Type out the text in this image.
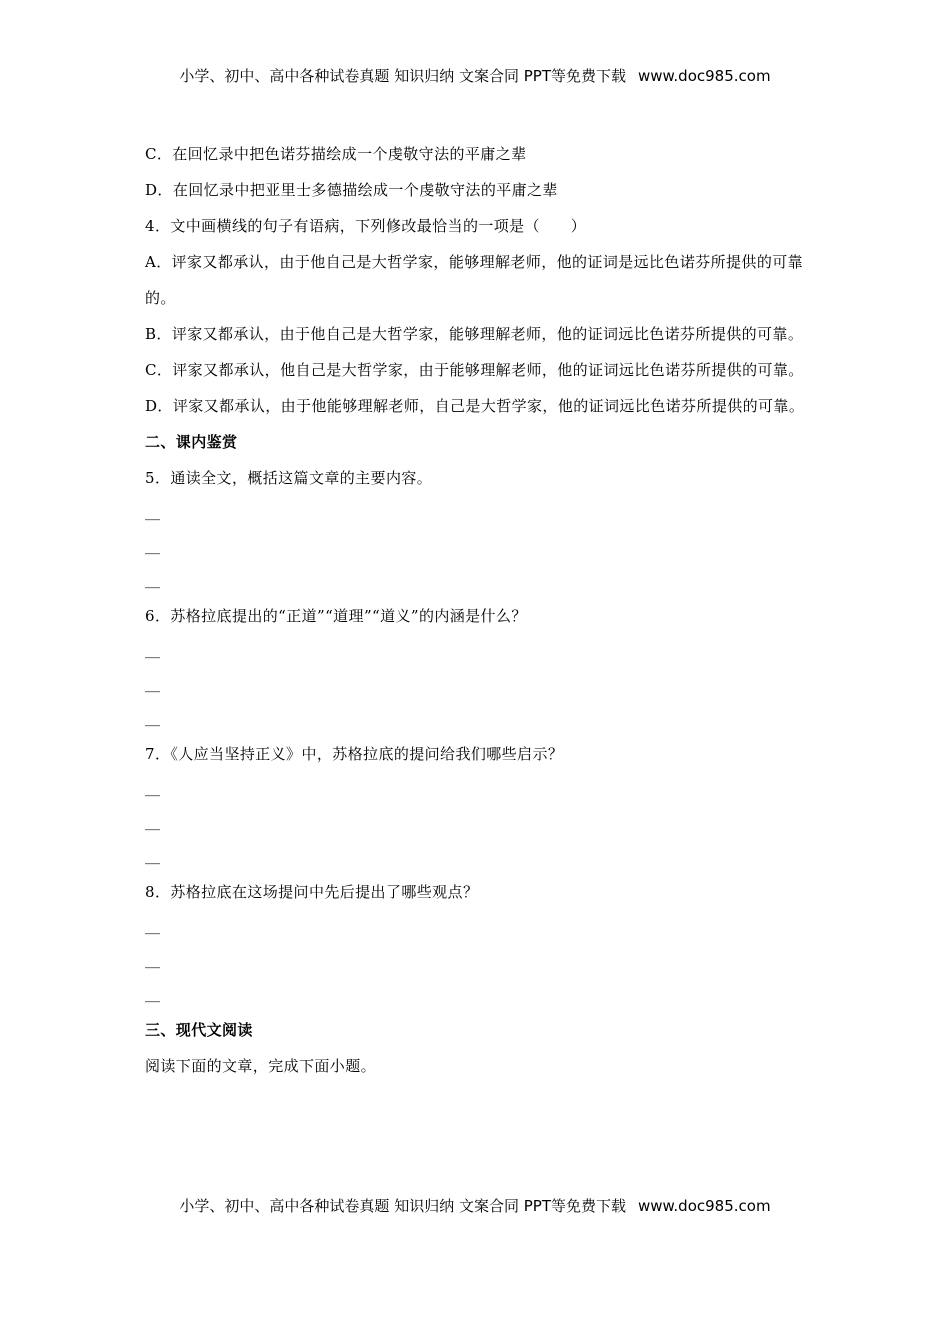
小学、初中、高中各种试卷真题 知识归纳 文案合同 PPT等免费下载 www.doc985.com
C．在回忆录中把色诺芬描绘成一个虔敬守法的平庸之辈
D．在回忆录中把亚里士多德描绘成一个虔敬守法的平庸之辈
4．文中画横线的句子有语病，下列修改最恰当的一项是（　　）
A．评家又都承认，由于他自己是大哲学家，能够理解老师，他的证词是远比色诺芬所提供的可靠的。
B．评家又都承认，由于他自己是大哲学家，能够理解老师，他的证词远比色诺芬所提供的可靠。
C．评家又都承认，他自己是大哲学家，由于能够理解老师，他的证词远比色诺芬所提供的可靠。
D．评家又都承认，由于他能够理解老师，自己是大哲学家，他的证词远比色诺芬所提供的可靠。
二、课内鉴赏
5．通读全文，概括这篇文章的主要内容。
＿
＿
＿
6．苏格拉底提出的“正道”“道理”“道义”的内涵是什么？
＿
＿
＿
7．《人应当坚持正义》中，苏格拉底的提问给我们哪些启示？
＿
＿
＿
8．苏格拉底在这场提问中先后提出了哪些观点？
＿
＿
＿
三、现代文阅读
阅读下面的文章，完成下面小题。
小学、初中、高中各种试卷真题 知识归纳 文案合同 PPT等免费下载 www.doc985.com
